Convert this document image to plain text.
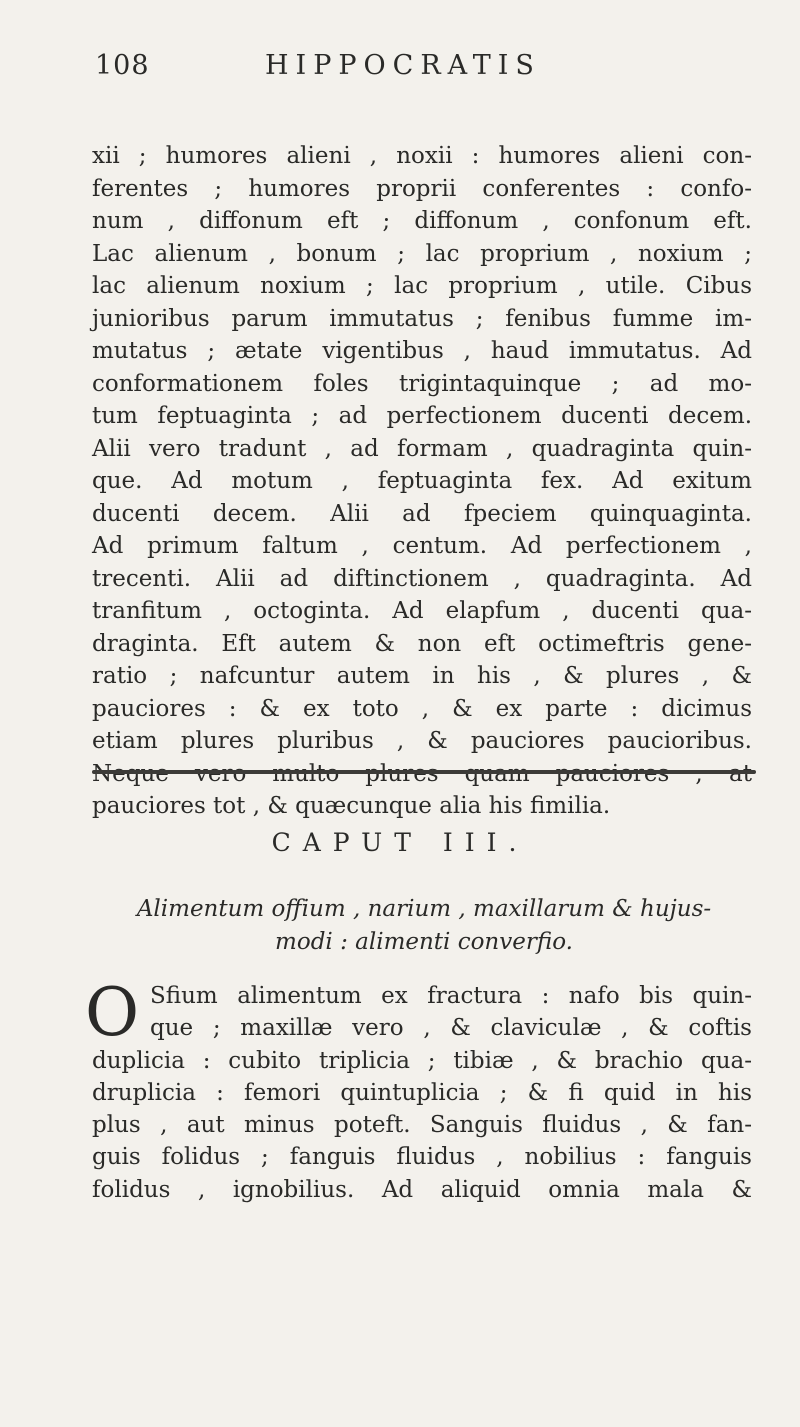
108	HIPPOCRATIS

xii ; humores alieni , noxii : humores alieni con-
ferentes ; humores proprii conferentes : confo-
num , diffonum eft ; diffonum , confonum eft.
Lac alienum , bonum ; lac proprium , noxium ;
lac alienum noxium ; lac proprium , utile. Cibus
junioribus parum immutatus ; fenibus fumme im-
mutatus ; ætate vigentibus , haud immutatus. Ad
conformationem foles trigintaquinque ; ad mo-
tum feptuaginta ; ad perfectionem ducenti decem.
Alii vero tradunt , ad formam , quadraginta quin-
que. Ad motum , feptuaginta fex. Ad exitum
ducenti decem. Alii ad fpeciem quinquaginta.
Ad primum faltum , centum. Ad perfectionem ,
trecenti. Alii ad diftinctionem , quadraginta. Ad
tranfitum , octoginta. Ad elapfum , ducenti qua-
draginta. Eft autem & non eft octimeftris gene-
ratio ; nafcuntur autem in his , & plures , &
pauciores : & ex toto , & ex parte : dicimus
etiam plures pluribus , & pauciores paucioribus.
pauciores tot , & quæcunque alia his fimilia.

CAPUT III.
Alimentum offium , narium , maxillarum & hujus-
modi : alimenti converfio.
O Sfium alimentum ex fractura : nafo bis quin-
que ; maxillæ vero , & claviculæ , & coftis
duplicia : cubito triplicia ; tibiæ , & brachio qua-
druplicia : femori quintuplicia ; & fi quid in his
plus , aut minus poteft. Sanguis fluidus , & fan-
guis folidus ; fanguis fluidus , nobilius : fanguis
folidus , ignobilius. Ad aliquid omnia mala &
